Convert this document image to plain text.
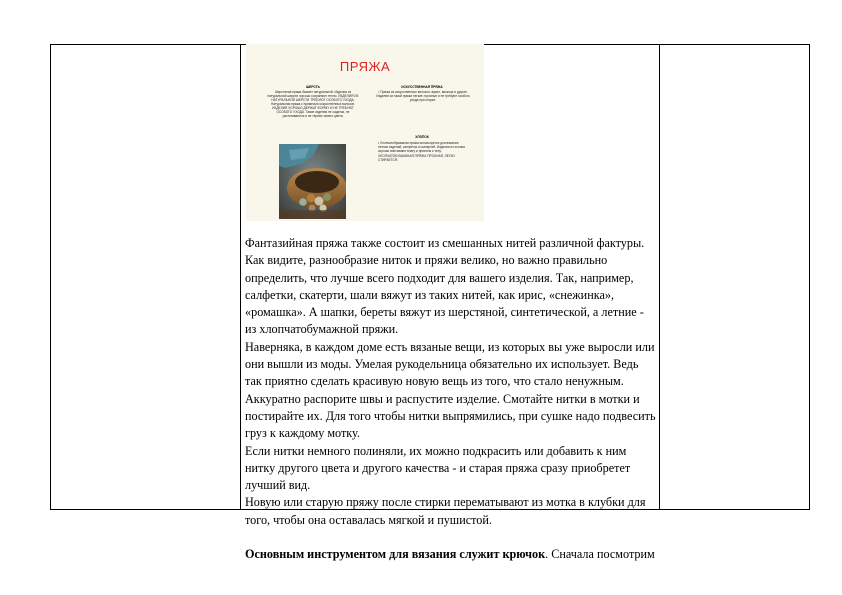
ПРЯЖА
ШЕРСТЬ
Шерстяная пряжа бывает натуральной. Изделия из натуральной шерсти хорошо сохраняют тепло. ИЗДЕЛИЯ ИЗ НАТУРАЛЬНОЙ ШЕРСТИ ТРЕБУЮТ ОСОБОГО УХОДА. Натуральная пряжа с примесью искусственных волокон. ИЗДЕЛИЯ ХОРОШО ДЕРЖАТ ФОРМУ И НЕ ТРЕБУЮТ ОСОБОГО УХОДА. Такие изделия не садятся, не растягиваются и не теряют своего цвета.
ИСКУССТВЕННАЯ ПРЯЖА
• Пряжа из искусственных волокон: акрил, вискоза и другие. Изделия из такой пряжи легкие, прочные и не требуют особого ухода при стирке.
ХЛОПОК
• Хлопчатобумажная пряжа используется для вязания летних изделий, салфеток и скатертей. Изделия из хлопка хорошо впитывают влагу и приятны к телу. ХЛОПЧАТОБУМАЖНАЯ ПРЯЖА ПРОЧНАЯ, ЛЕГКО СТИРАЕТСЯ.

Фантазийная пряжа также состоит из смешанных нитей различной фактуры. Как видите, разнообразие ниток и пряжи велико, но важно правильно определить, что лучше всего подходит для вашего изделия. Так, например, салфетки, скатерти, шали вяжут из таких нитей, как ирис, «снежинка», «ромашка». А шапки, береты вяжут из шерстяной, синтетической, а летние - из хлопчатобумажной пряжи.

Наверняка, в каждом доме есть вязаные вещи, из которых вы уже выросли или они вышли из моды. Умелая рукодельница обязательно их использует. Ведь так приятно сделать красивую новую вещь из того, что стало ненужным. Аккуратно распорите швы и распустите изделие. Смотайте нитки в мотки и постирайте их. Для того чтобы нитки выпрямились, при сушке надо подвесить груз к каждому мотку.

Если нитки немного полиняли, их можно подкрасить или добавить к ним нитку другого цвета и другого качества - и старая пряжа сразу приобретет лучший вид.

Новую или старую пряжу после стирки перематывают из мотка в клубки для того, чтобы она оставалась мягкой и пушистой.

Основным инструментом для вязания служит крючок. Сначала посмотрим
